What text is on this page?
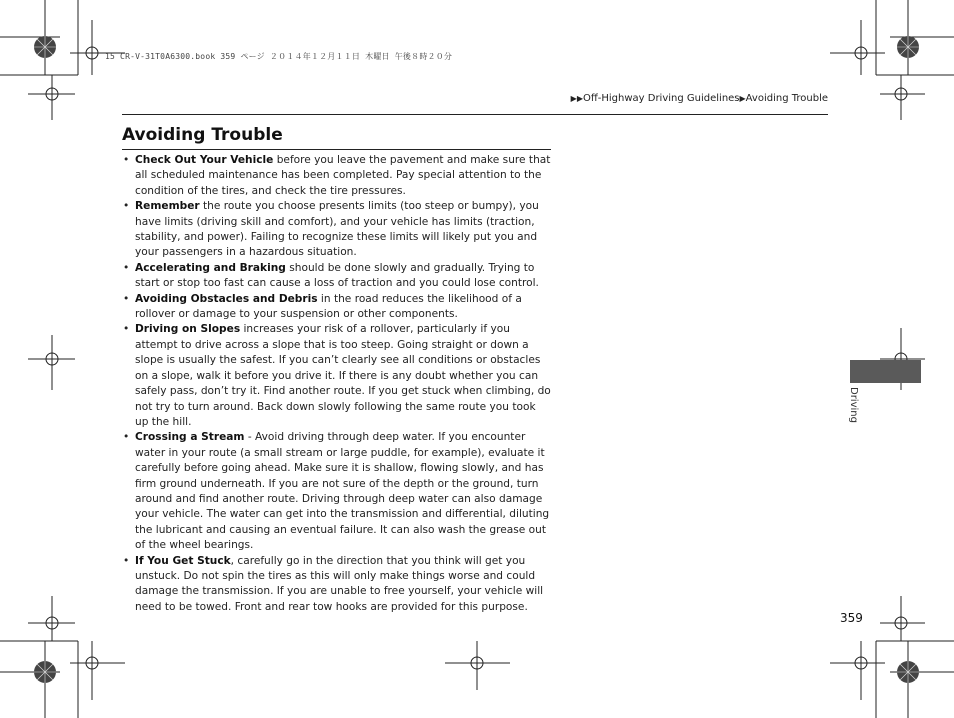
15 CR-V-31T0A6300.book 359 ページ ２０１４年１２月１１日 木曜日 午後８時２０分
▶▶Off-Highway Driving Guidelines▶Avoiding Trouble
Avoiding Trouble
• Check Out Your Vehicle before you leave the pavement and make sure that all scheduled maintenance has been completed. Pay special attention to the condition of the tires, and check the tire pressures.
• Remember the route you choose presents limits (too steep or bumpy), you have limits (driving skill and comfort), and your vehicle has limits (traction, stability, and power). Failing to recognize these limits will likely put you and your passengers in a hazardous situation.
• Accelerating and Braking should be done slowly and gradually. Trying to start or stop too fast can cause a loss of traction and you could lose control.
• Avoiding Obstacles and Debris in the road reduces the likelihood of a rollover or damage to your suspension or other components.
• Driving on Slopes increases your risk of a rollover, particularly if you attempt to drive across a slope that is too steep. Going straight or down a slope is usually the safest. If you can’t clearly see all conditions or obstacles on a slope, walk it before you drive it. If there is any doubt whether you can safely pass, don’t try it. Find another route. If you get stuck when climbing, do not try to turn around. Back down slowly following the same route you took up the hill.
• Crossing a Stream - Avoid driving through deep water. If you encounter water in your route (a small stream or large puddle, for example), evaluate it carefully before going ahead. Make sure it is shallow, flowing slowly, and has firm ground underneath. If you are not sure of the depth or the ground, turn around and find another route. Driving through deep water can also damage your vehicle. The water can get into the transmission and differential, diluting the lubricant and causing an eventual failure. It can also wash the grease out of the wheel bearings.
• If You Get Stuck, carefully go in the direction that you think will get you unstuck. Do not spin the tires as this will only make things worse and could damage the transmission. If you are unable to free yourself, your vehicle will need to be towed. Front and rear tow hooks are provided for this purpose.
Driving
359
